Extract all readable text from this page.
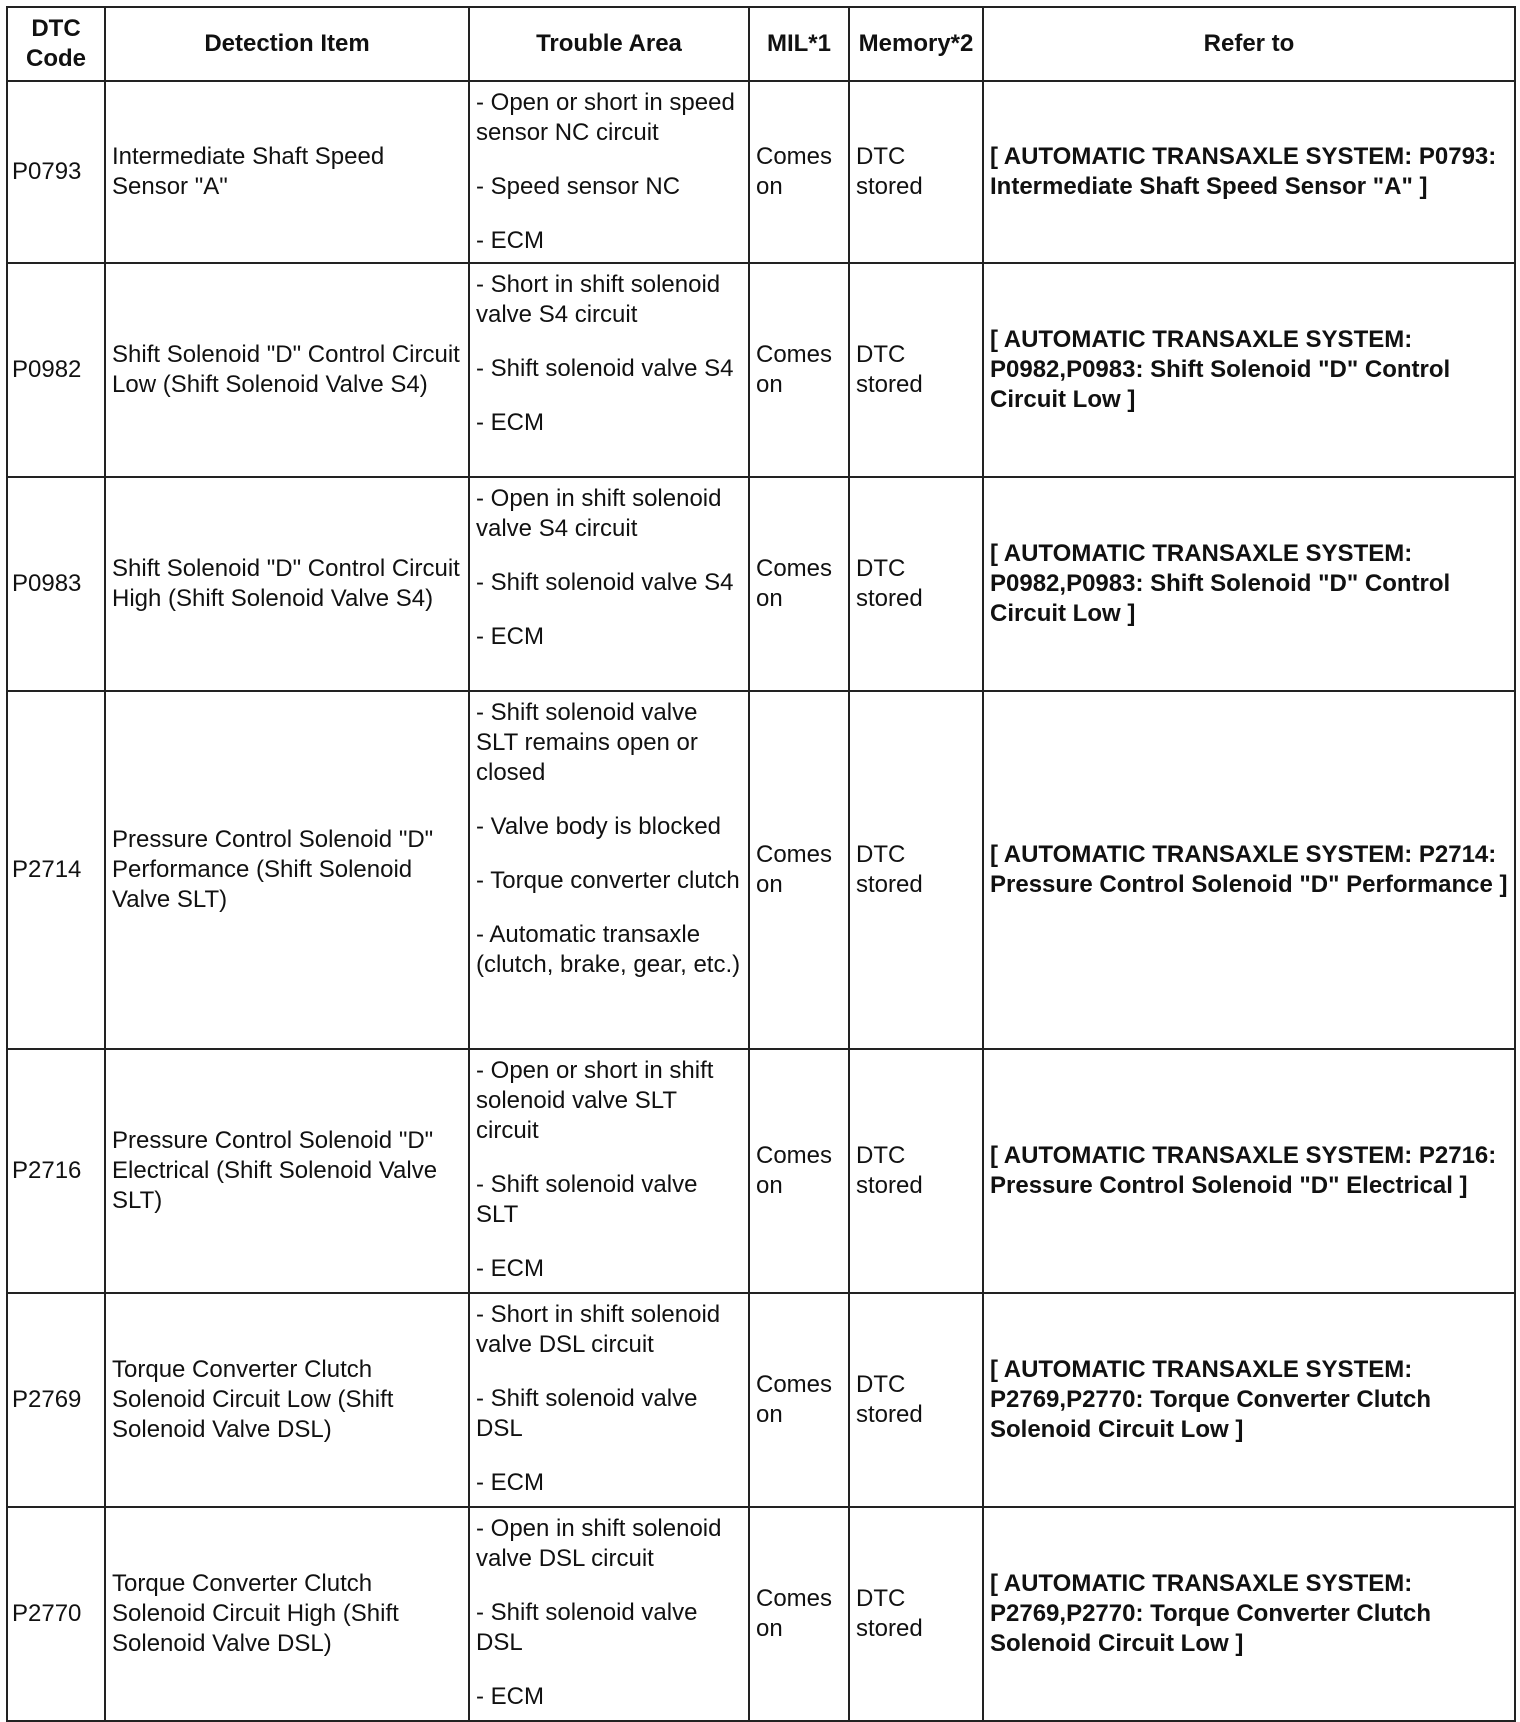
DTC Code	Detection Item	Trouble Area	MIL*1	Memory*2	Refer to
P0793	Intermediate Shaft Speed Sensor "A"	- Open or short in speed sensor NC circuit

- Speed sensor NC

- ECM	Comes on	DTC stored	[ AUTOMATIC TRANSAXLE SYSTEM: P0793: Intermediate Shaft Speed Sensor "A" ]
P0982	Shift Solenoid "D" Control Circuit Low (Shift Solenoid Valve S4)	- Short in shift solenoid valve S4 circuit

- Shift solenoid valve S4

- ECM	Comes on	DTC stored	[ AUTOMATIC TRANSAXLE SYSTEM: P0982,P0983: Shift Solenoid "D" Control Circuit Low ]
P0983	Shift Solenoid "D" Control Circuit High (Shift Solenoid Valve S4)	- Open in shift solenoid valve S4 circuit

- Shift solenoid valve S4

- ECM	Comes on	DTC stored	[ AUTOMATIC TRANSAXLE SYSTEM: P0982,P0983: Shift Solenoid "D" Control Circuit Low ]
P2714	Pressure Control Solenoid "D" Performance (Shift Solenoid Valve SLT)	- Shift solenoid valve SLT remains open or closed

- Valve body is blocked

- Torque converter clutch

- Automatic transaxle (clutch, brake, gear, etc.)	Comes on	DTC stored	[ AUTOMATIC TRANSAXLE SYSTEM: P2714: Pressure Control Solenoid "D" Performance ]
P2716	Pressure Control Solenoid "D" Electrical (Shift Solenoid Valve SLT)	- Open or short in shift solenoid valve SLT circuit

- Shift solenoid valve SLT

- ECM	Comes on	DTC stored	[ AUTOMATIC TRANSAXLE SYSTEM: P2716: Pressure Control Solenoid "D" Electrical ]
P2769	Torque Converter Clutch Solenoid Circuit Low (Shift Solenoid Valve DSL)	- Short in shift solenoid valve DSL circuit

- Shift solenoid valve DSL

- ECM	Comes on	DTC stored	[ AUTOMATIC TRANSAXLE SYSTEM: P2769,P2770: Torque Converter Clutch Solenoid Circuit Low ]
P2770	Torque Converter Clutch Solenoid Circuit High (Shift Solenoid Valve DSL)	- Open in shift solenoid valve DSL circuit

- Shift solenoid valve DSL

- ECM	Comes on	DTC stored	[ AUTOMATIC TRANSAXLE SYSTEM: P2769,P2770: Torque Converter Clutch Solenoid Circuit Low ]
